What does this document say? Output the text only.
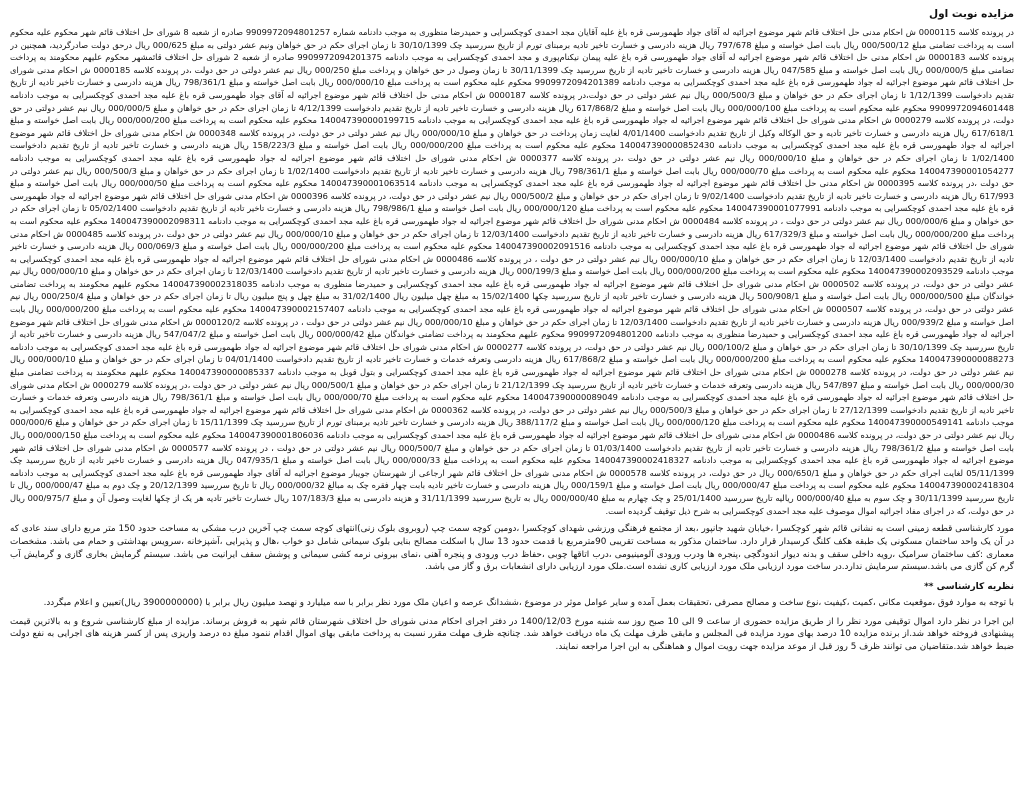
مزایده نوبت اول

در پرونده کلاسه 0000115 ش احکام مدنی حل اختلاف قائم شهر موضوع اجرائیه له آقای جواد طهمورسی قره باغ علیه آقایان مجد احمدی کوچکسرایی و حمیدرضا منظوری به موجب دادنامه شماره 9909972094801257 صادره از شعبه 8 شورای حل اختلاف قائم شهر محکوم علیه محکوم است به پرداخت تضامنی مبلغ 000/500/12 ریال بابت اصل خواسته و مبلغ 797/678 ریال هزینه دادرسی و خسارت تاخیر تادیه برمبنای تورم از تاریخ سررسید چک 30/10/1399 تا زمان اجرای حکم در حق خواهان ونیم عشر دولتی به مبلغ 000/625 ریال درحق دولت صادرگردید، همچنین در پرونده کلاسه 0000183 ش احکام مدنی حل اختلاف قائم شهر موضوع اجرائیه له آقای جواد طهمورسی قره باغ علیه پیمان نیکنام‌پوری و مجد احمدی کوچکسرایی به موجب دادنامه 9909972094201375 صادره از شعبه 2 شورای حل اختلاف قائمشهر محکوم علیهم محکومند به پرداخت تضامنی مبلغ 000/000/5 ریال بابت اصل خواسته و مبلغ 047/585 ریال هزینه دادرسی و خسارت تاخیر تادیه از تاریخ سررسید چک 30/11/1399 تا زمان وصول در حق خواهان و پرداخت مبلغ 000/250 ریال نیم عشر دولتی در حق دولت ،در پرونده کلاسه 0000185 ش احکام مدنی شورای حل اختلاف قائم شهر موضوع اجرائیه له جواد طهمورسی قره باغ علیه مجد احمدی کوچکسرایی به موجب دادنامه 9909972094201389 محکوم علیه محکوم است به پرداخت مبلغ 000/000/10 ریال بابت اصل خواسته و مبلغ 798/361/1 ریال هزینه دادرسی و خسارت تاخیر تادیه از تاریخ تقدیم دادخواست 1/12/1399 تا زمان اجرای حکم در حق خواهان و مبلغ 000/500/3 ریال نیم عشر دولتی در حق دولت،در پرونده کلاسه 0000187 ش احکام مدنی حل اختلاف قائم شهر موضوع اجرائیه له آقای جواد طهمورسی قره باغ علیه مجد احمدی کوچکسرایی به موجب دادنامه 9909972094601448 محکوم علیه محکوم است به پرداخت مبلغ 000/000/100 ریال بابت اصل خواسته و مبلغ 617/868/2 ریال هزینه دادرسی و خسارت تاخیر تادیه از تاریخ تقدیم دادخواست 4/12/1399 تا زمان اجرای حکم در حق خواهان و مبلغ 000/000/5 ریال نیم عشر دولتی در حق دولت، در پرونده کلاسه 0000279 ش احکام مدنی شورای حل اختلاف قائم شهر موضوع اجرائیه له جواد طهمورسی قره باغ علیه مجد احمدی کوچکسرایی به موجب دادنامه 140047390000199715 محکوم علیه محکوم است به پرداخت مبلغ 000/000/200 ریال بابت اصل خواسته و مبلغ 617/618/1 ریال هزینه دادرسی و خسارت تاخیر تادیه و حق الوکاله وکیل از تاریخ تقدیم دادخواست 4/01/1400 لغایت زمان پرداخت در حق خواهان و مبلغ 000/000/10 ریال نیم عشر دولتی در حق دولت، در پرونده کلاسه 0000348 ش احکام مدنی شورای حل اختلاف قائم شهر موضوع اجرائیه له جواد طهمورسی قره باغ علیه مجد احمدی کوچکسرایی به موجب دادنامه 140047390000852430 محکوم علیه محکوم است به پرداخت مبلغ 000/000/200 ریال بابت اصل خواسته و مبلغ 158/223/3 ریال هزینه دادرسی و خسارت تاخیر تادیه از تاریخ تقدیم دادخواست 1/02/1400 تا زمان اجرای حکم در حق خواهان و مبلغ 000/000/10 ریال نیم عشر دولتی در حق دولت ،در پرونده کلاسه 0000377 ش احکام مدنی شورای حل اختلاف قائم شهر موضوع اجرائیه له جواد طهمورسی قره باغ علیه مجد احمدی کوچکسرایی به موجب دادنامه 140047390001054277 محکوم علیه محکوم است به پرداخت مبلغ 000/000/70 ریال بابت اصل خواسته و مبلغ 798/361/1 ریال هزینه دادرسی و خسارت تاخیر تادیه از تاریخ تقدیم دادخواست 1/02/1400 تا زمان اجرای حکم در حق خواهان و مبلغ 000/500/3 ریال نیم عشر دولتی در حق دولت ،در پرونده کلاسه 0000395 ش احکام مدنی حل اختلاف قائم شهر موضوع اجرائیه له جواد طهمورسی قره باغ علیه مجد احمدی کوچکسرایی به موجب دادنامه 140047390001063514 محکوم علیه محکوم است به پرداخت مبلغ 000/000/50 ریال بابت اصل خواسته و مبلغ 617/993 ریال هزینه دادرسی و خسارت تاخیر تادیه از تاریخ تقدیم دادخواست 9/02/1400 تا زمان اجرای حکم در حق خواهان و مبلغ 000/500/2 ریال نیم عشر دولتی در حق دولت، در پرونده کلاسه 0000396 ش احکام مدنی شورای حل اختلاف قائم شهر موضوع اجرائیه له جواد طهمورسی قره باغ علیه مجد احمدی کوچکسرایی به موجب دادنامه 140047390001077991 محکوم علیه محکوم است به پرداخت مبلغ 000/000/120 ریال بابت اصل خواسته و مبلغ 798/986/1 ریال هزینه دادرسی و خسارت تاخیر تادیه از تاریخ تقدیم دادخواست 05/02/1400 تا زمان اجرای حکم در حق خواهان و مبلغ 000/000/6 ریال نیم عشر دولتی در حق دولت ، در پرونده کلاسه 0000484 ش احکام مدنی شورای حل اختلاف قائم شهر موضوع اجرائیه له جواد طهمورسی قره باغ علیه مجد احمدی کوچکسرایی به موجب دادنامه 140047390002098311 محکوم علیه محکوم است به پرداخت مبلغ 000/000/200 ریال بابت اصل خواسته و مبلغ 617/329/3 ریال هزینه دادرسی و خسارت تاخیر تادیه از تاریخ تقدیم دادخواست 12/03/1400 تا زمان اجرای حکم در حق خواهان و مبلغ 000/000/10 ریال نیم عشر دولتی در حق دولت ،در پرونده کلاسه 0000485 ش احکام مدنی شورای حل اختلاف قائم شهر موضوع اجرائیه له جواد طهمورسی قره باغ علیه مجد احمدی کوچکسرایی به موجب دادنامه 140047390002091516 محکوم علیه محکوم است به پرداخت مبلغ 000/000/200 ریال بابت اصل خواسته و مبلغ 000/069/3 ریال هزینه دادرسی و خسارت تاخیر تادیه از تاریخ تقدیم دادخواست 12/03/1400 تا زمان اجرای حکم در حق خواهان و مبلغ 000/000/10 ریال نیم عشر دولتی در حق دولت ، در پرونده کلاسه 0000486 ش احکام مدنی شورای حل اختلاف قائم شهر موضوع اجرائیه له جواد طهمورسی قره باغ علیه مجد احمدی کوچکسرایی به موجب دادنامه 140047390002093529 محکوم علیه محکوم است به پرداخت مبلغ 000/000/200 ریال بابت اصل خواسته و مبلغ 000/199/3 ریال هزینه دادرسی و خسارت تاخیر تادیه از تاریخ تقدیم دادخواست 12/03/1400 تا زمان اجرای حکم در حق خواهان و مبلغ 000/000/10 ریال نیم عشر دولتی در حق دولت، در پرونده کلاسه 0000502 ش احکام مدنی شورای حل اختلاف قائم شهر موضوع اجرائیه له جواد طهمورسی قره باغ علیه مجد احمدی کوچکسرایی و حمیدرضا منظوری به موجب دادنامه 140047390002318035 محکوم علیهم محکومند به پرداخت تضامنی خواندگان مبلغ 000/000/500 ریال بابت اصل خواسته و مبلغ 500/908/1 ریال هزینه دادرسی و خسارت تاخیر تادیه از تاریخ سررسید چکها 15/02/1400 به مبلغ چهل میلیون ریال 31/02/1400 به مبلغ چهل و پنج میلیون ریال تا زمان اجرای حکم در حق خواهان و مبلغ 000/250/4 ریال نیم عشر دولتی در حق دولت، در پرونده کلاسه 0000507 ش احکام مدنی شورای حل اختلاف قائم شهر موضوع اجرائیه له جواد طهمورسی قره باغ علیه مجد احمدی کوچکسرایی به موجب دادنامه 140047390002157407 محکوم علیه محکوم است به پرداخت مبلغ 000/000/200 ریال بابت اصل خواسته و مبلغ 000/939/2 ریال هزینه دادرسی و خسارت تاخیر تادیه از تاریخ تقدیم دادخواست 12/03/1400 تا زمان اجرای حکم در حق خواهان و مبلغ 000/000/10 ریال نیم عشر دولتی در حق دولت ، در پرونده کلاسه 0000120/2 ش احکام مدنی شورای حل اختلاف قائم شهر موضوع اجرائیه له جواد طهمورسی قره باغ علیه مجد احمدی کوچکسرایی و حمیدرضا منظوری به موجب دادنامه 9909972094801200 محکوم علیهم محکومند به پرداخت تضامنی خواندگان مبلغ 000/000/42 ریال بابت اصل خواسته و مبلغ 547/047/2 ریال هزینه دادرسی و خسارت تاخیر تادیه از تاریخ سررسید چک 30/10/1399 تا زمان اجرای حکم در حق خواهان و مبلغ 000/100/2 ریال نیم عشر دولتی در حق دولت، در پرونده کلاسه 0000277 ش احکام مدنی شورای حل اختلاف قائم شهر موضوع اجرائیه له جواد طهمورسی قره باغ علیه مجد احمدی کوچکسرایی به موجب دادنامه 140047390000088273 محکوم علیه محکوم است به پرداخت مبلغ 000/000/200 ریال بابت اصل خواسته و مبلغ 617/868/2 ریال هزینه دادرسی وتعرفه خدمات و خسارت تاخیر تادیه از تاریخ تقدیم دادخواست 04/01/1400 تا زمان اجرای حکم در حق خواهان و مبلغ 000/000/10 ریال نیم عشر دولتی در حق دولت، در پرونده کلاسه 0000278 ش احکام مدنی شورای حل اختلاف قائم شهر موضوع اجرائیه له جواد طهمورسی قره باغ علیه مجد احمدی کوچکسرایی و بتول قوبل به موجب دادنامه 140047390000085337 محکوم علیهم محکومند به پرداخت تضامنی مبلغ 000/000/30 ریال بابت اصل خواسته و مبلغ 547/897 ریال هزینه دادرسی وتعرفه خدمات و خسارت تاخیر تادیه از تاریخ سررسید چک 21/12/1399 تا زمان اجرای حکم در حق خواهان و مبلغ 000/500/1 ریال نیم عشر دولتی در حق دولت ،در پرونده کلاسه 0000279 ش احکام مدنی شورای حل اختلاف قائم شهر موضوع اجرائیه له جواد طهمورسی قره باغ علیه مجد احمدی کوچکسرایی به موجب دادنامه 140047390000089049 محکوم علیه محکوم است به پرداخت مبلغ 000/000/70 ریال بابت اصل خواسته و مبلغ 798/361/1 ریال هزینه دادرسی وتعرفه خدمات و خسارت تاخیر تادیه از تاریخ تقدیم دادخواست 27/12/1399 تا زمان اجرای حکم در حق خواهان و مبلغ 000/500/3 ریال نیم عشر دولتی در حق دولت، در پرونده کلاسه 0000362 ش احکام مدنی شورای حل اختلاف قائم شهر موضوع اجرائیه له جواد طهمورسی قره باغ علیه مجد احمدی کوچکسرایی به موجب دادنامه 140047390000549141 محکوم علیه محکوم است به پرداخت مبلغ 000/000/120 ریال بابت اصل خواسته و مبلغ 388/117/2 ریال هزینه دادرسی و خسارت تاخیر تادیه برمبنای تورم از تاریخ سررسید چک 15/11/1399 تا زمان اجرای حکم در حق خواهان و مبلغ 000/000/6 ریال نیم عشر دولتی در حق دولت، در پرونده کلاسه 0000486 ش احکام مدنی شورای حل اختلاف قائم شهر موضوع اجرائیه له جواد طهمورسی قره باغ علیه مجد احمدی کوچکسرایی به موجب دادنامه 140047390001806036 محکوم علیه محکوم است به پرداخت مبلغ 000/000/150 ریال بابت اصل خواسته و مبلغ 798/361/2 ریال هزینه دادرسی و خسارت تاخیر تادیه از تاریخ تقدیم دادخواست 01/03/1400 تا زمان اجرای حکم در حق خواهان و مبلغ 000/500/7 ریال نیم عشر دولتی در حق دولت ، در پرونده کلاسه 0000577 ش احکام مدنی شورای حل اختلاف قائم شهر موضوع اجرائیه له جواد طهمورسی قره باغ علیه مجد احمدی کوچکسرایی به موجب دادنامه 140047390002418327 محکوم علیه محکوم است به پرداخت مبلغ 000/000/33 ریال بابت اصل خواسته و مبلغ 047/935/1 ریال هزینه دادرسی و خسارت تاخیر تادیه از تاریخ سررسید چک 05/11/1399 لغایت اجرای حکم در حق خواهان و مبلغ 000/650/1 ریال در حق دولت، در پرونده کلاسه 0000578 ش احکام مدنی شورای حل اختلاف قائم شهر ارجاعی از شهرستان جویبار موضوع اجرائیه له آقای جواد طهمورسی قره باغ علیه مجد احمدی کوچکسرایی به موجب دادنامه 140047390002418304 محکوم علیه محکوم است به پرداخت مبلغ 000/000/47 ریال بابت اصل خواسته و مبلغ 000/159/1 ریال هزینه دادرسی و خسارت تاخیر تادیه بابت چهار فقره چک به مبالغ 000/000/32 ریال تا تاریخ سررسید 20/12/1399 و چک دوم به مبلغ 000/000/47 ریال تا تاریخ سررسید 30/11/1399 و چک سوم به مبلغ 000/000/40 ریالیه تاریخ سررسید 25/01/1400 و چک چهارم به مبلغ 000/000/40 ریال به تاریخ سررسید 31/11/1399 و هزینه دادرسی به مبلغ 107/183/3 ریال خسارت تاخیر تادیه هر یک از چکها لغایت وصول آن و مبلغ 000/975/7 ریال در حق دولت، که در اجرای مفاد اجرائیه اموال موصوف علیه مجد احمدی کوچکسرایی به شرح ذیل توقیف گردیده است.

مورد کارشناسی قطعه زمینی است به نشانی قائم شهر کوچکسرا ،خیابان شهید جانپور ،بعد از مجتمع فرهنگی ورزشی شهدای کوچکسرا ،دومین کوچه سمت چپ (روبروی بلوک زنی)انتهای کوچه سمت چپ آخرین درب مشکی به مساحت حدود 150 متر مربع دارای سند عادی که در آن یک واحد ساختمان مسکونی یک طبقه هکف کلنگ کرسیدار قرار دارد. ساختمان مذکور به مساحت تقریبی 90مترمربع با قدمت حدود 13 سال با اسکلت مصالح بنایی بلوک سیمانی شامل دو خواب ،هال و پذیرایی ،آشپزخانه ،سرویس بهداشتی و حمام می باشد. مشخصات معماری :کف ساختمان سرامیک ،رویه داخلی سقف و بدنه دیوار اندودگچی ،پنجره ها ودرب ورودی آلومینیومی ،درب اتاقها چوبی ،حفاظ درب ورودی و پنجره آهنی ،نمای بیرونی نرمه کشی سیمانی و پوشش سقف ایرانیت می باشد. سیستم گرمایش بخاری گازی و گرمایش آب گرم کن گازی می باشد.سیستم سرمایش ندارد.در ساخت مورد ارزیابی ملک مورد ارزیابی کاری نشده است.ملک مورد ارزیابی دارای انشعابات برق و گاز می باشد.

نظریه کارشناسی **

با توجه به موارد فوق ،موقعیت مکانی ،کمیت ،کیفیت ،نوع ساخت و مصالح مصرفی ،تحقیقات بعمل آمده و سایر عوامل موثر در موضوع ،ششدانگ عرصه و اعیان ملک مورد نظر برابر با سه میلیارد و نهصد میلیون ریال برابر با (3900000000 ریال)تعیین و اعلام میگردد.

این اجرا در نظر دارد اموال توقیفی مورد نظر را از طریق مزایده حضوری از ساعت 9 الی 10 صبح روز سه شنبه مورخ 1400/12/03 در دفتر اجرای احکام مدنی شورای حل اختلاف شهرستان قائم شهر به فروش برساند. مزایده از مبلغ کارشناسی شروع و به بالاترین قیمت پیشنهادی فروخته خواهد شد.از برنده مزایده 10 درصد بهای مورد مزایده فی المجلس و مابقی ظرف مهلت یک ماه دریافت خواهد شد. چنانچه ظرف مهلت مقرر نسبت به پرداخت مابقی بهای اموال اقدام ننمود مبلغ ده درصد واریزی پس از کسر هزینه های اجرایی به نفع دولت ضبط خواهد شد.متقاضیان می توانند ظرف 5 روز قبل از موعد مزایده جهت رویت اموال و هماهنگی به این اجرا مراجعه نمایند.
